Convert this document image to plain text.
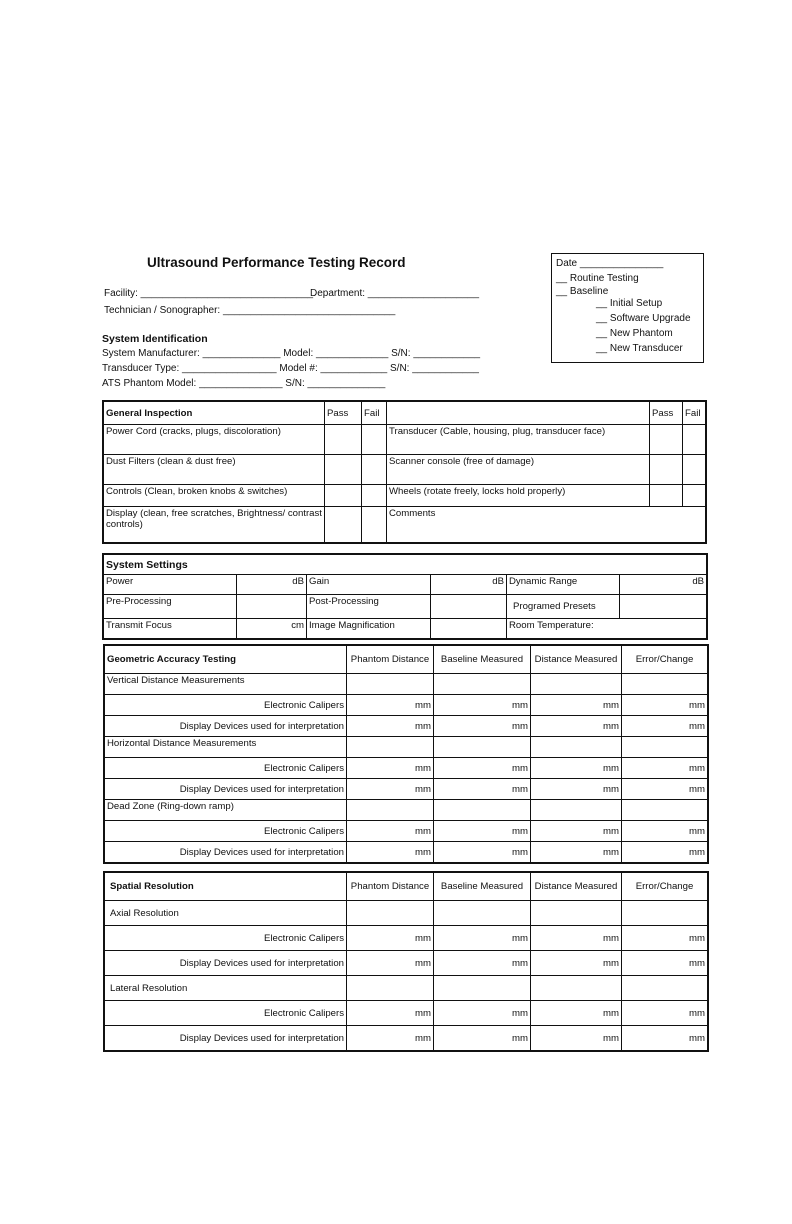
Ultrasound Performance Testing Record
Facility: _______________________________
Department: ____________________
Technician / Sonographer: _______________________________
Date _______________
__ Routine Testing
__ Baseline
__ Initial Setup
__ Software Upgrade
__ New Phantom
__ New Transducer
System Identification
System Manufacturer: ______________ Model: _____________ S/N: ____________
Transducer Type: _________________ Model #: ____________ S/N: ____________
ATS Phantom Model: _______________ S/N: ______________
General Inspection	Pass	Fail		Pass	Fail
Power Cord (cracks, plugs, discoloration)			Transducer (Cable, housing, plug, transducer face)		
Dust Filters (clean & dust free)			Scanner console (free of damage)		
Controls (Clean, broken knobs & switches)			Wheels (rotate freely, locks hold properly)		
Display (clean, free scratches, Brightness/ contrast controls)			Comments		
System Settings					
Power	dB	Gain	dB	Dynamic Range	dB
Pre-Processing		Post-Processing		Programed Presets	
Transmit Focus	cm	Image Magnification		Room Temperature:	
Geometric Accuracy Testing	Phantom Distance	Baseline Measured	Distance Measured	Error/Change
Vertical Distance Measurements				
Electronic Calipers	mm	mm	mm	mm
Display Devices used for interpretation	mm	mm	mm	mm
Horizontal Distance Measurements				
Electronic Calipers	mm	mm	mm	mm
Display Devices used for interpretation	mm	mm	mm	mm
Dead Zone (Ring-down ramp)				
Electronic Calipers	mm	mm	mm	mm
Display Devices used for interpretation	mm	mm	mm	mm
Spatial Resolution	Phantom Distance	Baseline Measured	Distance Measured	Error/Change
Axial Resolution				
Electronic Calipers	mm	mm	mm	mm
Display Devices used for interpretation	mm	mm	mm	mm
Lateral Resolution				
Electronic Calipers	mm	mm	mm	mm
Display Devices used for interpretation	mm	mm	mm	mm
